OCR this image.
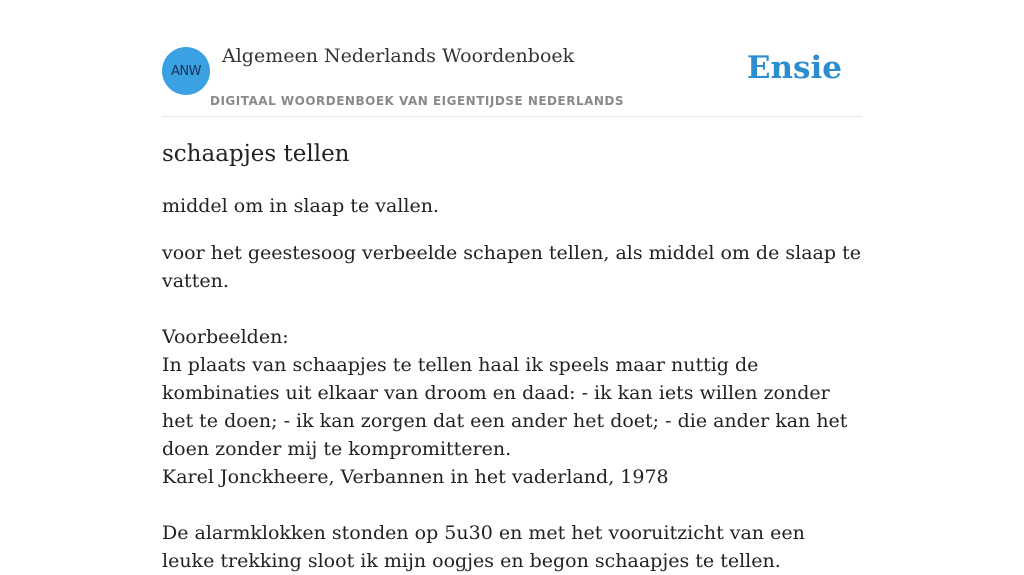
ANW
Algemeen Nederlands Woordenboek
DIGITAAL WOORDENBOEK VAN EIGENTIJDSE NEDERLANDS
Ensie
schaapjes tellen

middel om in slaap te vallen.

voor het geestesoog verbeelde schapen tellen, als middel om de slaap te vatten.

Voorbeelden:

In plaats van schaapjes te tellen haal ik speels maar nuttig de kombinaties uit elkaar van droom en daad: - ik kan iets willen zonder het te doen; - ik kan zorgen dat een ander het doet; - die ander kan het doen zonder mij te kompromitteren.

Karel Jonckheere, Verbannen in het vaderland, 1978

De alarmklokken stonden op 5u30 en met het vooruitzicht van een leuke trekking sloot ik mijn oogjes en begon schaapjes te tellen.
